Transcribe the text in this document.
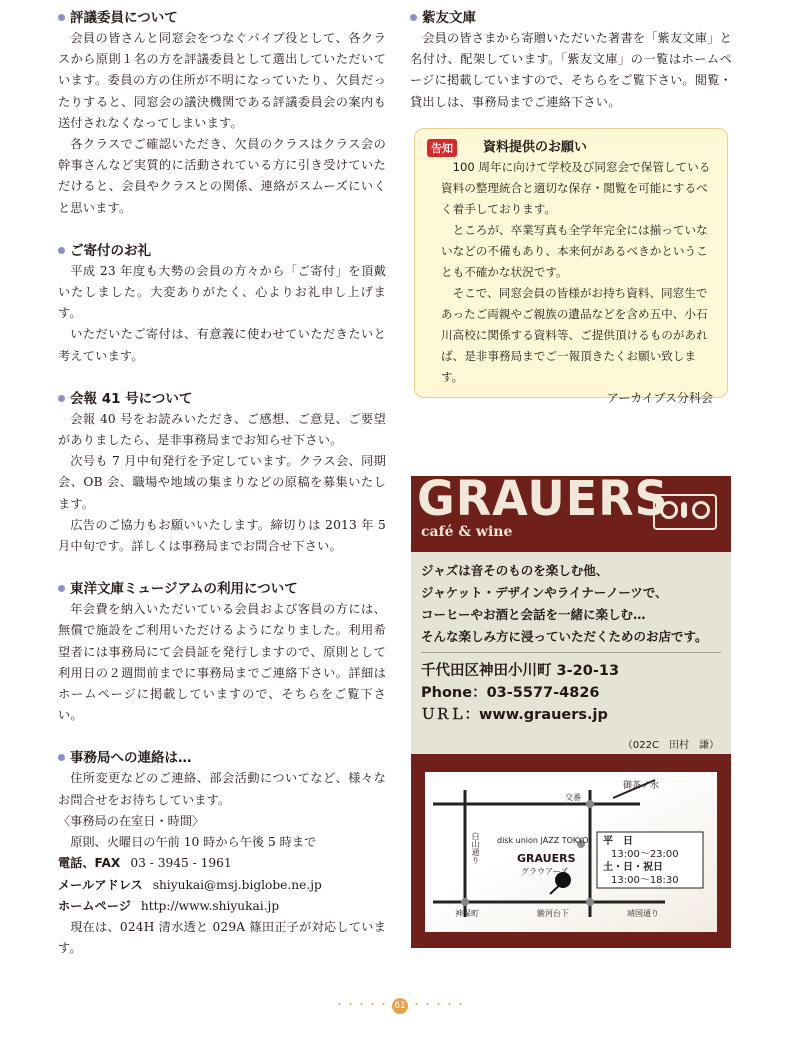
評議委員について

会員の皆さんと同窓会をつなぐパイプ役として、各クラスから原則１名の方を評議委員として選出していただいています。委員の方の住所が不明になっていたり、欠員だったりすると、同窓会の議決機関である評議委員会の案内も送付されなくなってしまいます。

各クラスでご確認いただき、欠員のクラスはクラス会の幹事さんなど実質的に活動されている方に引き受けていただけると、会員やクラスとの関係、連絡がスムーズにいくと思います。

ご寄付のお礼

平成 23 年度も大勢の会員の方々から「ご寄付」を頂戴いたしました。大変ありがたく、心よりお礼申し上げます。

いただいたご寄付は、有意義に使わせていただきたいと考えています。

会報 41 号について

会報 40 号をお読みいただき、ご感想、ご意見、ご要望がありましたら、是非事務局までお知らせ下さい。

次号も 7 月中旬発行を予定しています。クラス会、同期会、OB 会、職場や地域の集まりなどの原稿を募集いたします。

広告のご協力もお願いいたします。締切りは 2013 年 5 月中旬です。詳しくは事務局までお問合せ下さい。

東洋文庫ミュージアムの利用について

年会費を納入いただいている会員および客員の方には、無償で施設をご利用いただけるようになりました。利用希望者には事務局にて会員証を発行しますので、原則として利用日の２週間前までに事務局までご連絡下さい。詳細はホームページに掲載していますので、そちらをご覧下さい。

事務局への連絡は…

住所変更などのご連絡、部会活動についてなど、様々なお問合せをお待ちしています。

〈事務局の在室日・時間〉

原則、火曜日の午前 10 時から午後 5 時まで

電話、FAX 03 - 3945 - 1961
メールアドレス shiyukai@msj.biglobe.ne.jp
ホームページ http://www.shiyukai.jp

現在は、024H 清水透と 029A 篠田正子が対応しています。

紫友文庫

会員の皆さまから寄贈いただいた著書を「紫友文庫」と名付け、配架しています。「紫友文庫」の一覧はホームページに掲載していますので、そちらをご覧下さい。閲覧・貸出しは、事務局までご連絡下さい。

告知	資料提供のお願い

100 周年に向けて学校及び同窓会で保管している資料の整理統合と適切な保存・閲覧を可能にするべく着手しております。

ところが、卒業写真も全学年完全には揃っていないなどの不備もあり、本来何があるべきかということも不確かな状況です。

そこで、同窓会員の皆様がお持ち資料、同窓生であったご両親やご親族の遺品などを含め五中、小石川高校に関係する資料等、ご提供頂けるものがあれば、是非事務局までご一報頂きたくお願い致します。

アーカイブス分科会

GRAUERS
café & wine
ジャズは音そのものを楽しむ他、
ジャケット・デザインやライナーノーツで、
コーヒーやお酒と会話を一緒に楽しむ…
そんな楽しみ方に浸っていただくためのお店です。
千代田区神田小川町 3-20-13
Phone：03-5577-4826
ＵＲＬ：www.grauers.jp
（022C　田村　謙）
御茶ノ水
交番
白山通り disk union JAZZ TOKYO
GRAUERS
グラウアーズ
神保町	駿河台下	靖国通り
平　日
13:00～23:00
土・日・祝日
13:00～18:30
・・・・・ 61 ・・・・・
